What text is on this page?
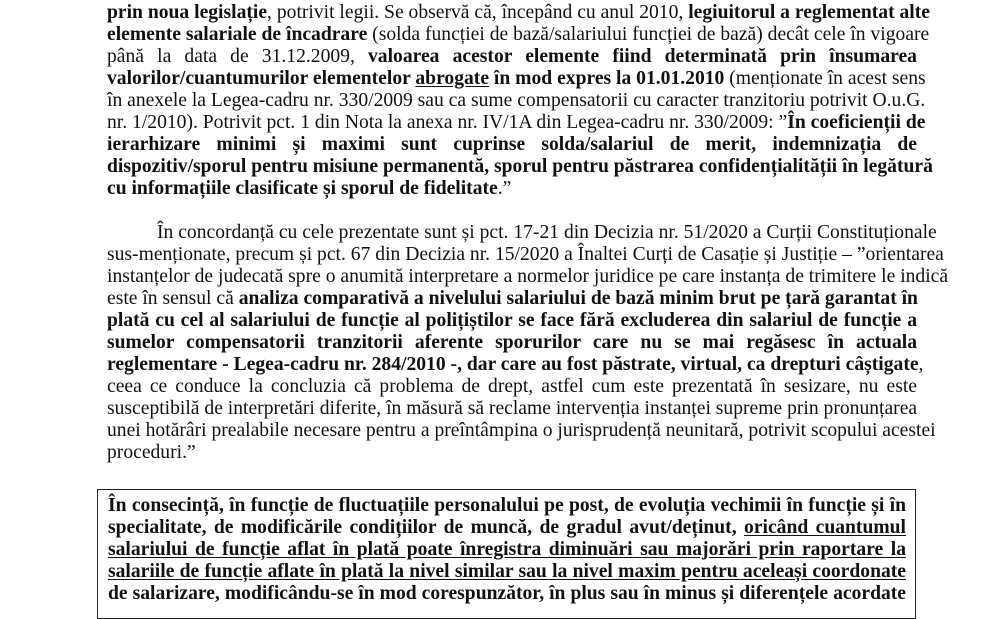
prin noua legislație, potrivit legii. Se observă că, începând cu anul 2010, legiuitorul a reglementat alte
elemente salariale de încadrare (solda funcției de bază/salariului funcției de bază) decât cele în vigoare
până la data de 31.12.2009, valoarea acestor elemente fiind determinată prin însumarea
valorilor/cuantumurilor elementelor abrogate în mod expres la 01.01.2010 (menționate în acest sens
în anexele la Legea-cadru nr. 330/2009 sau ca sume compensatorii cu caracter tranzitoriu potrivit O.u.G.
nr. 1/2010). Potrivit pct. 1 din Nota la anexa nr. IV/1A din Legea-cadru nr. 330/2009: ”În coeficienții de
ierarhizare minimi și maximi sunt cuprinse solda/salariul de merit, indemnizația de
dispozitiv/sporul pentru misiune permanentă, sporul pentru păstrarea confidențialității în legătură
cu informațiile clasificate și sporul de fidelitate.”
În concordanță cu cele prezentate sunt și pct. 17-21 din Decizia nr. 51/2020 a Curții Constituționale
sus-menționate, precum și pct. 67 din Decizia nr. 15/2020 a Înaltei Curți de Casație și Justiție – ”orientarea
instanțelor de judecată spre o anumită interpretare a normelor juridice pe care instanța de trimitere le indică
este în sensul că analiza comparativă a nivelului salariului de bază minim brut pe țară garantat în
plată cu cel al salariului de funcție al polițiștilor se face fără excluderea din salariul de funcție a
sumelor compensatorii tranzitorii aferente sporurilor care nu se mai regăsesc în actuala
reglementare - Legea-cadru nr. 284/2010 -, dar care au fost păstrate, virtual, ca drepturi câștigate,
ceea ce conduce la concluzia că problema de drept, astfel cum este prezentată în sesizare, nu este
susceptibilă de interpretări diferite, în măsură să reclame intervenția instanței supreme prin pronunțarea
unei hotărâri prealabile necesare pentru a preîntâmpina o jurisprudență neunitară, potrivit scopului acestei
proceduri.”
În consecință, în funcție de fluctuațiile personalului pe post, de evoluția vechimii în funcție și în
specialitate, de modificările condițiilor de muncă, de gradul avut/deținut, oricând cuantumul
salariului de funcție aflat în plată poate înregistra diminuări sau majorări prin raportare la
salariile de funcție aflate în plată la nivel similar sau la nivel maxim pentru aceleași coordonate
de salarizare, modificându-se în mod corespunzător, în plus sau în minus și diferențele acordate
